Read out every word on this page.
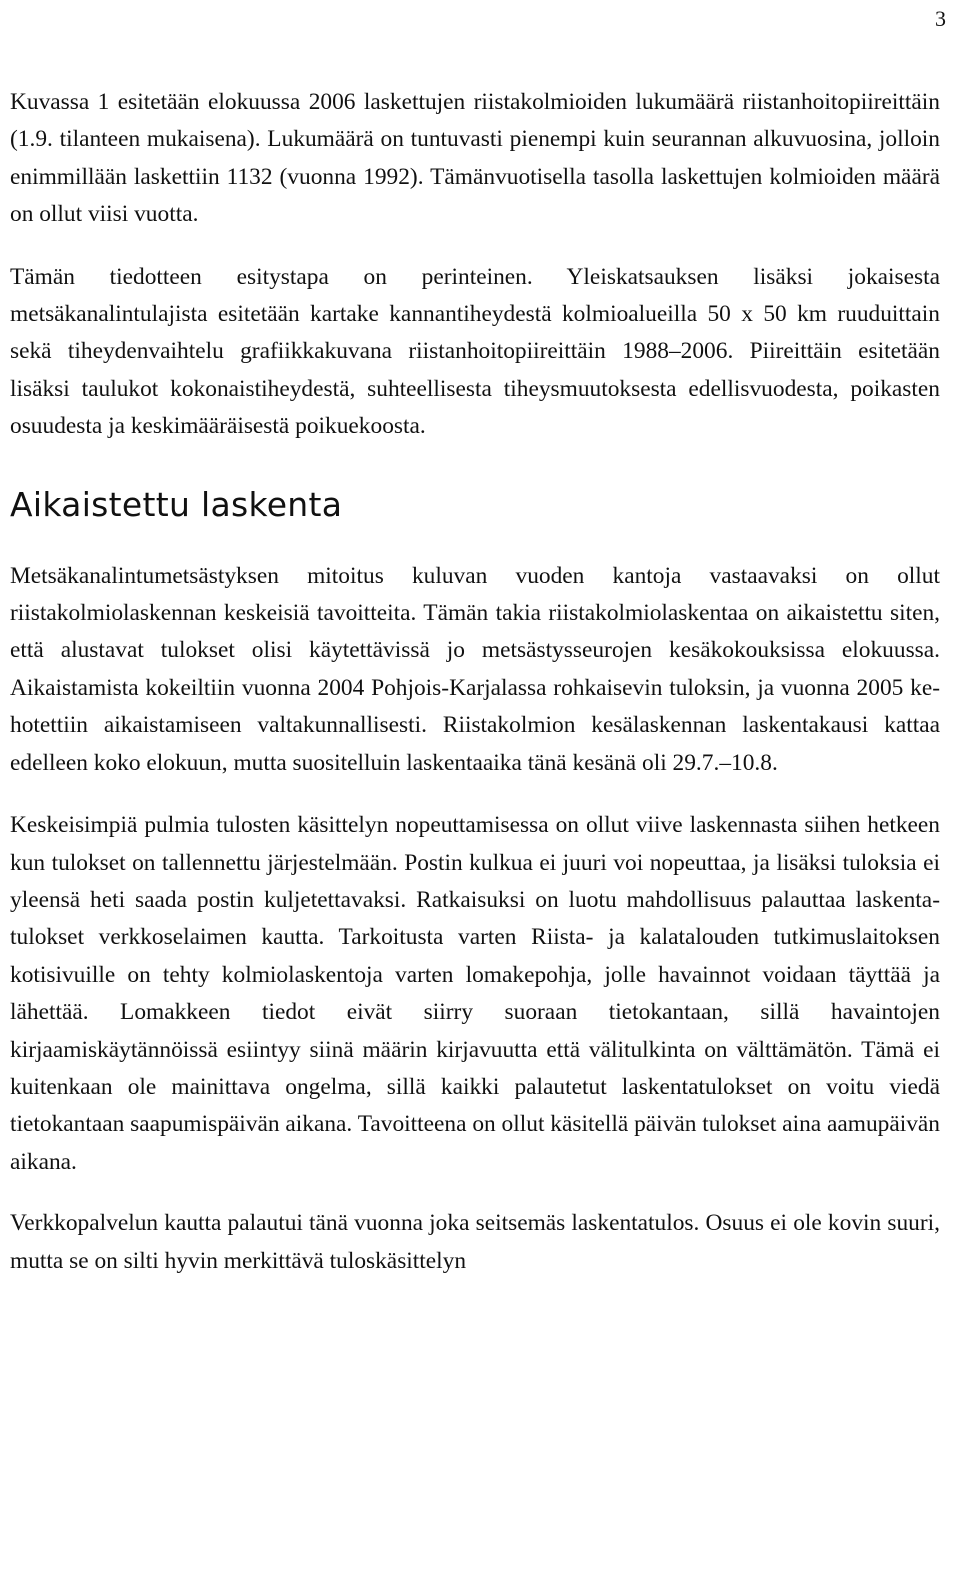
3

Kuvassa 1 esitetään elokuussa 2006 laskettujen riistakolmioiden lukumäärä riistanhoitopiireittäin (1.9. tilanteen mukaisena). Lukumäärä on tuntuvasti pienempi kuin seurannan alkuvuosina, jolloin enimmillään laskettiin 1132 (vuonna 1992). Tämänvuotisella tasolla laskettujen kolmioiden määrä on ollut viisi vuotta.

Tämän tiedotteen esitystapa on perinteinen. Yleiskatsauksen lisäksi jokaisesta metsäkanalintulajista esitetään kartake kannantiheydestä kolmioalueilla 50 x 50 km ruuduittain sekä tiheydenvaihtelu grafiikkakuvana riistanhoitopiireittäin 1988–2006. Piireittäin esitetään lisäksi taulukot kokonaistiheydestä, suhteellisesta tiheysmuutoksesta edellisvuodesta, poikasten osuudesta ja keskimääräisestä poikuekoosta.

Aikaistettu laskenta

Metsäkanalintumetsästyksen mitoitus kuluvan vuoden kantoja vastaavaksi on ollut riistakolmiolaskennan keskeisiä tavoitteita. Tämän takia riistakolmiolaskentaa on aikaistettu siten, että alustavat tulokset olisi käytettävissä jo metsästysseurojen kesäkokouksissa elokuussa. Aikaistamista kokeiltiin vuonna 2004 Pohjois-Karjalassa rohkaisevin tuloksin, ja vuonna 2005 kehotettiin aikaistamiseen valtakunnallisesti. Riistakolmion kesälaskennan laskentakausi kattaa edelleen koko elokuun, mutta suositelluin laskentaaika tänä kesänä oli 29.7.–10.8.

Keskeisimpiä pulmia tulosten käsittelyn nopeuttamisessa on ollut viive laskennasta siihen hetkeen kun tulokset on tallennettu järjestelmään. Postin kulkua ei juuri voi nopeuttaa, ja lisäksi tuloksia ei yleensä heti saada postin kuljetettavaksi. Ratkaisuksi on luotu mahdollisuus palauttaa laskentatulokset verkkoselaimen kautta. Tarkoitusta varten Riista- ja kalatalouden tutkimuslaitoksen kotisivuille on tehty kolmiolaskentoja varten lomakepohja, jolle havainnot voidaan täyttää ja lähettää. Lomakkeen tiedot eivät siirry suoraan tietokantaan, sillä havaintojen kirjaamiskäytännöissä esiintyy siinä määrin kirjavuutta että välitulkinta on välttämätön. Tämä ei kuitenkaan ole mainittava ongelma, sillä kaikki palautetut laskentatulokset on voitu viedä tietokantaan saapumispäivän aikana. Tavoitteena on ollut käsitellä päivän tulokset aina aamupäivän aikana.

Verkkopalvelun kautta palautui tänä vuonna joka seitsemäs laskentatulos. Osuus ei ole kovin suuri, mutta se on silti hyvin merkittävä tuloskäsittelyn
